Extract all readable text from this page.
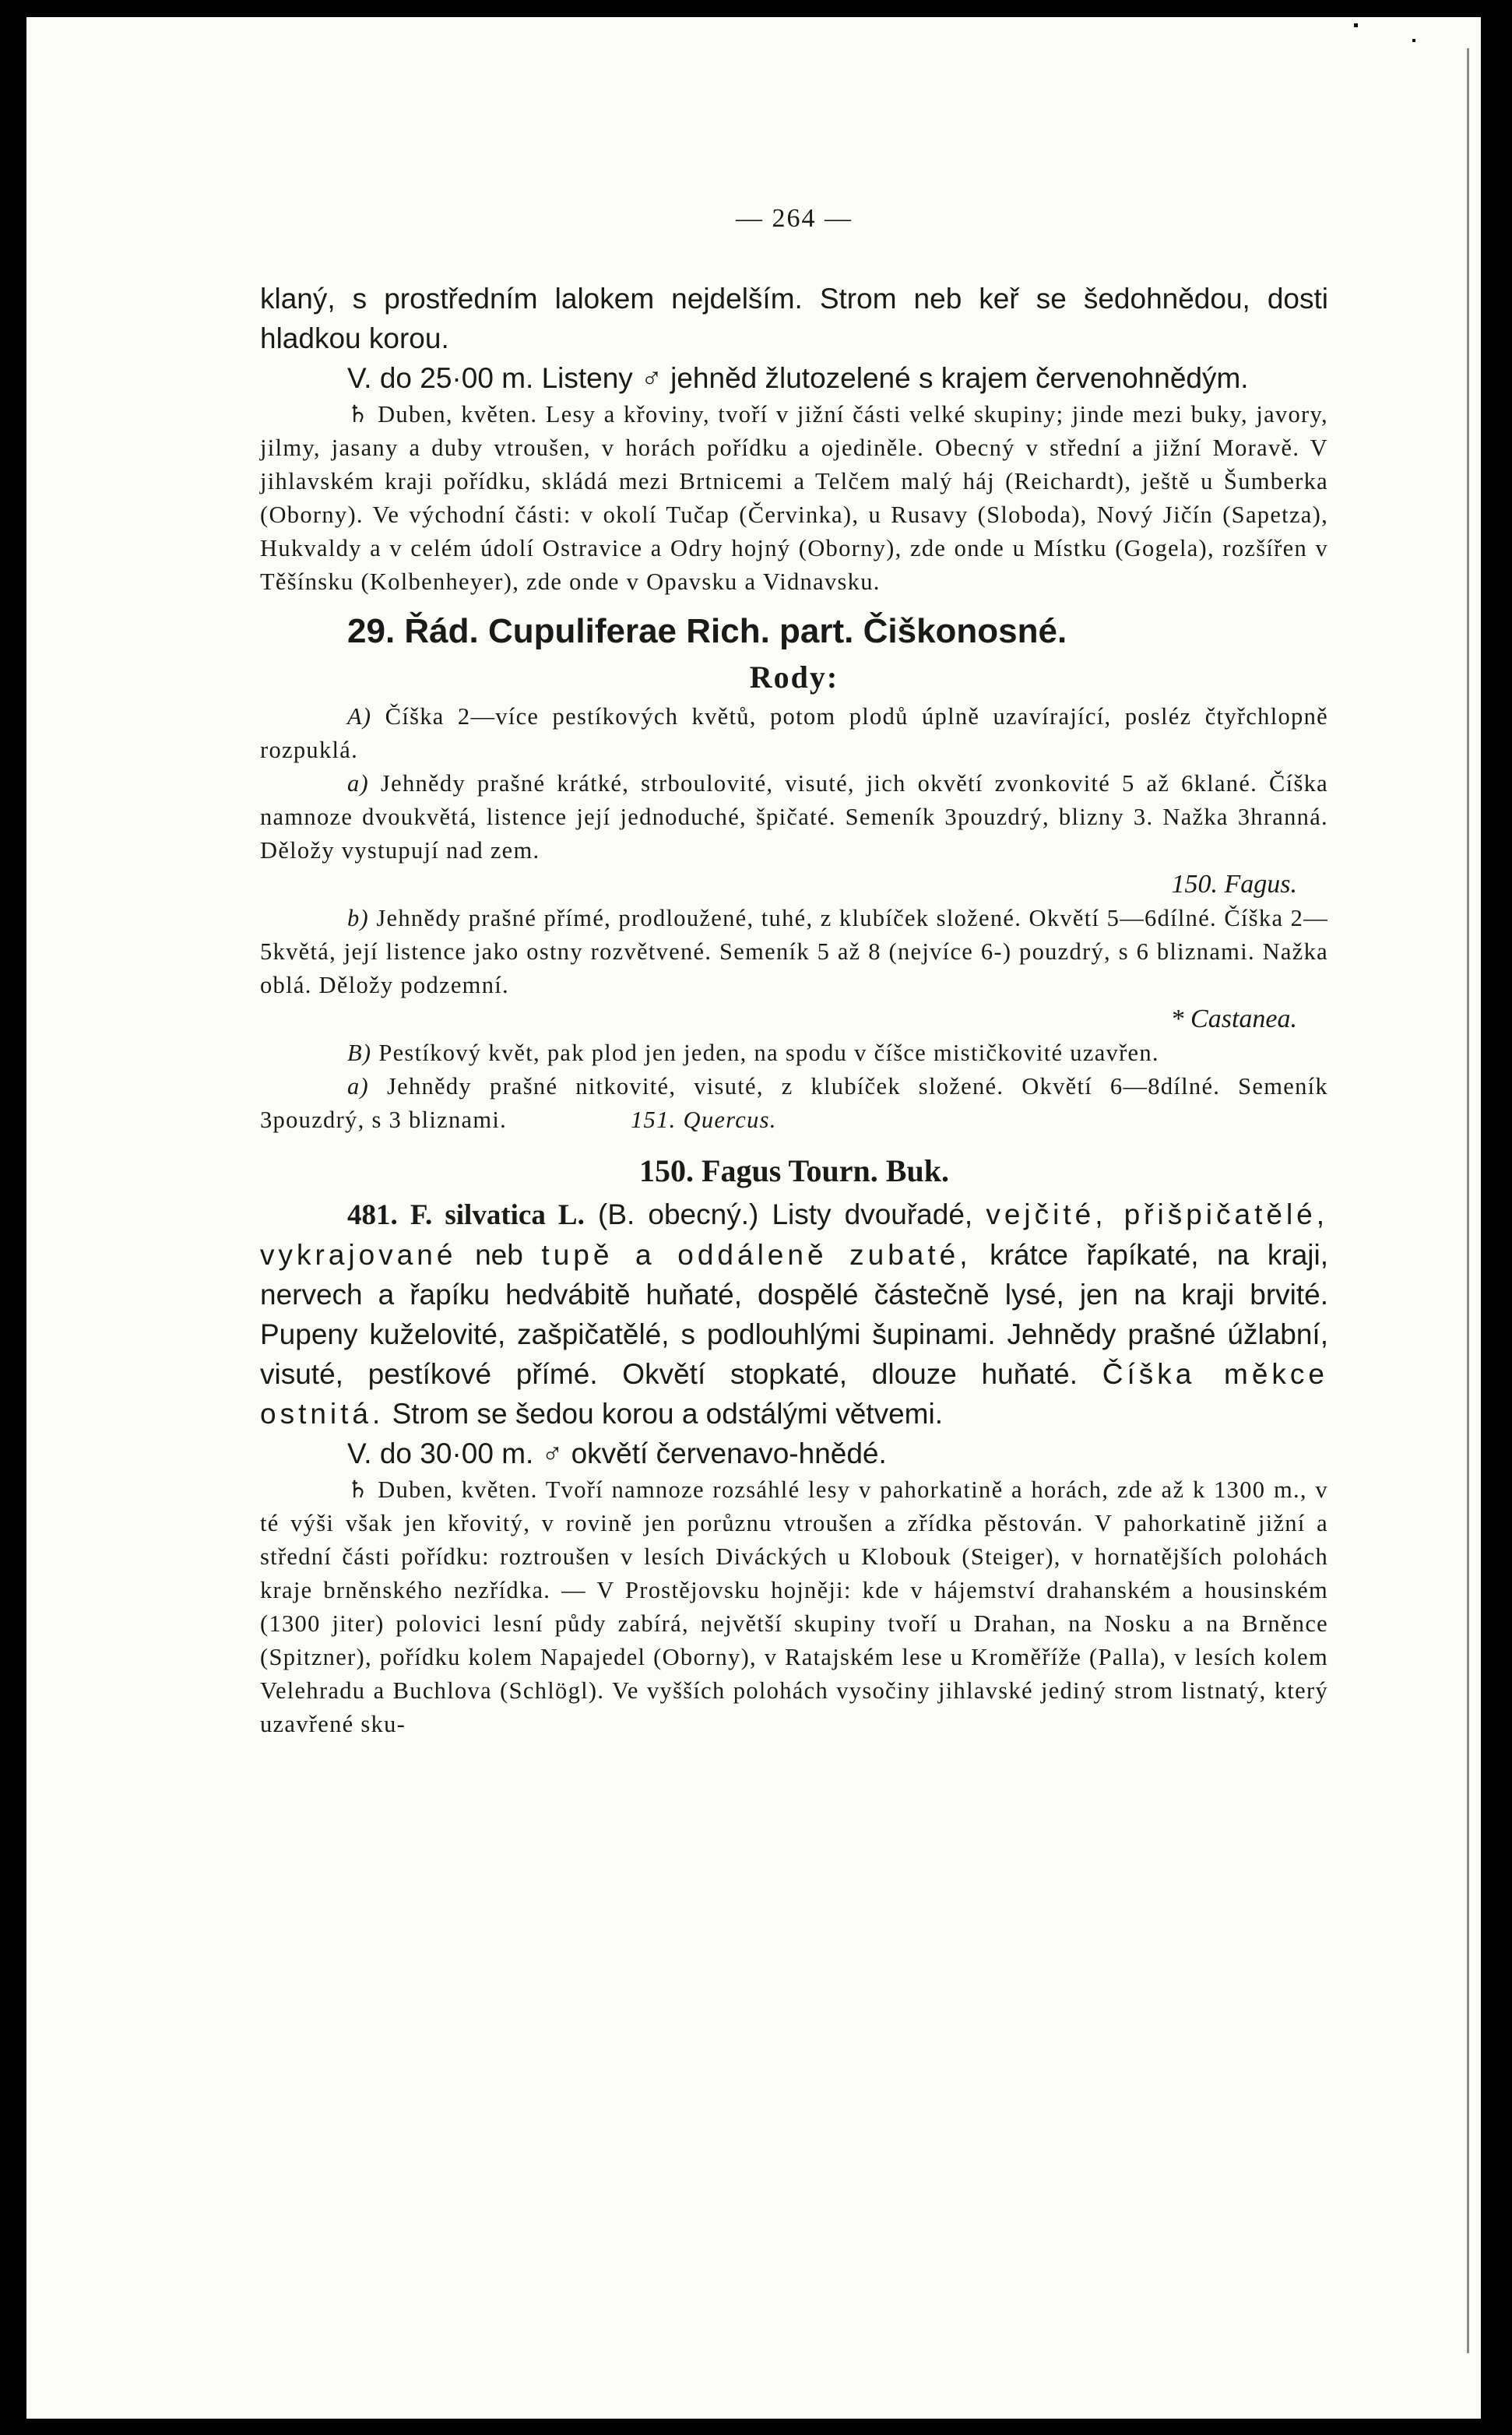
— 264 —

klaný, s prostředním lalokem nejdelším. Strom neb keř se šedohnědou, dosti hladkou korou.

V. do 25·00 m. Listeny ♂ jehněd žlutozelené s krajem červenohnědým.

♄ Duben, květen. Lesy a křoviny, tvoří v jižní části velké skupiny; jinde mezi buky, javory, jilmy, jasany a duby vtroušen, v horách pořídku a ojediněle. Obecný v střední a jižní Moravě. V jihlavském kraji pořídku, skládá mezi Brtnicemi a Telčem malý háj (Reichardt), ještě u Šumberka (Oborny). Ve východní části: v okolí Tučap (Červinka), u Rusavy (Sloboda), Nový Jičín (Sapetza), Hukvaldy a v celém údolí Ostravice a Odry hojný (Oborny), zde onde u Místku (Gogela), rozšířen v Těšínsku (Kolbenheyer), zde onde v Opavsku a Vidnavsku.

29. Řád. Cupuliferae Rich. part. Čiškonosné.
Rody:

A) Číška 2—více pestíkových květů, potom plodů úplně uzavírající, posléz čtyřchlopně rozpuklá.

a) Jehnědy prašné krátké, strboulovité, visuté, jich okvětí zvonkovité 5 až 6klané. Číška namnoze dvoukvětá, listence její jednoduché, špičaté. Semeník 3pouzdrý, blizny 3. Nažka 3hranná. Děložy vystupují nad zem.

150. Fagus.

b) Jehnědy prašné přímé, prodloužené, tuhé, z klubíček složené. Okvětí 5—6dílné. Číška 2—5květá, její listence jako ostny rozvětvené. Semeník 5 až 8 (nejvíce 6-) pouzdrý, s 6 bliznami. Nažka oblá. Děložy podzemní.

* Castanea.

B) Pestíkový květ, pak plod jen jeden, na spodu v číšce mističkovité uzavřen.

a) Jehnědy prašné nitkovité, visuté, z klubíček složené. Okvětí 6—8dílné. Semeník 3pouzdrý, s 3 bliznami.	151. Quercus.

150. Fagus Tourn. Buk.

481. F. silvatica L. (B. obecný.) Listy dvouřadé, vejčité, přišpičatělé, vykrajované neb tupě a oddáleně zubaté, krátce řapíkaté, na kraji, nervech a řapíku hedvábitě huňaté, dospělé částečně lysé, jen na kraji brvité. Pupeny kuželovité, zašpičatělé, s podlouhlými šupinami. Jehnědy prašné úžlabní, visuté, pestíkové přímé. Okvětí stopkaté, dlouze huňaté. Číška měkce ostnitá. Strom se šedou korou a odstálými větvemi.

V. do 30·00 m. ♂ okvětí červenavo-hnědé.

♄ Duben, květen. Tvoří namnoze rozsáhlé lesy v pahorkatině a horách, zde až k 1300 m., v té výši však jen křovitý, v rovině jen porůznu vtroušen a zřídka pěstován. V pahorkatině jižní a střední části pořídku: roztroušen v lesích Diváckých u Klobouk (Steiger), v hornatějších polohách kraje brněnského nezřídka. — V Prostějovsku hojněji: kde v hájemství drahanském a housinském (1300 jiter) polovici lesní půdy zabírá, největší skupiny tvoří u Drahan, na Nosku a na Brněnce (Spitzner), pořídku kolem Napajedel (Oborny), v Ratajském lese u Kroměříže (Palla), v lesích kolem Velehradu a Buchlova (Schlögl). Ve vyšších polohách vysočiny jihlavské jediný strom listnatý, který uzavřené sku-
